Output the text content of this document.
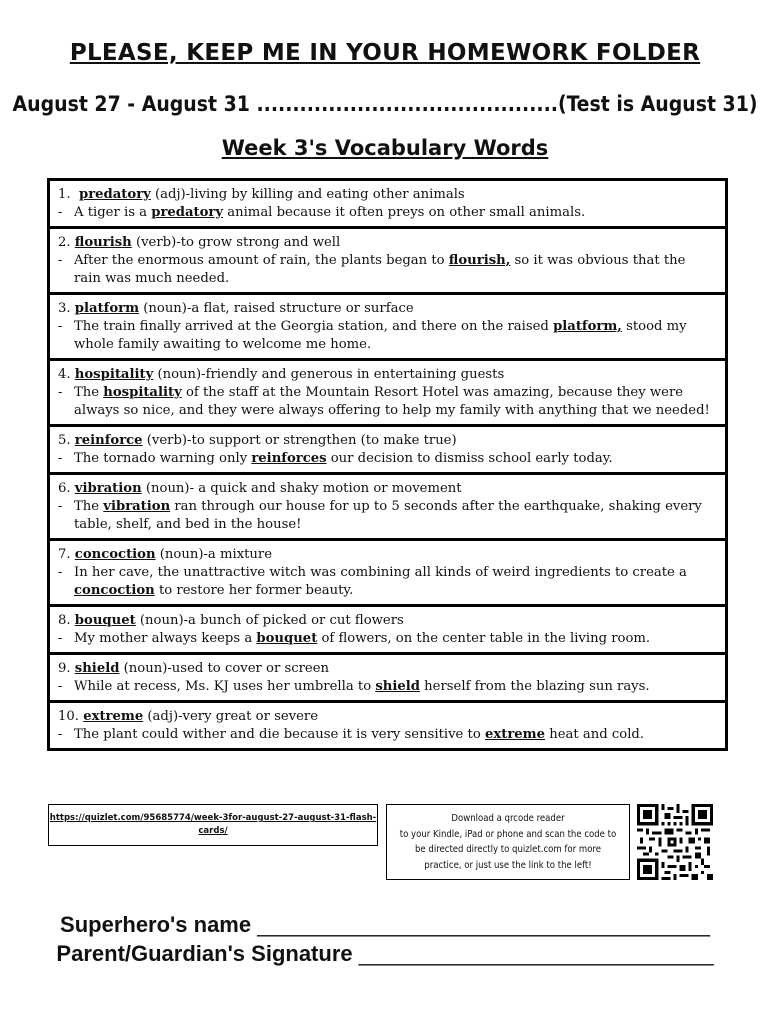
PLEASE, KEEP ME IN YOUR HOMEWORK FOLDER
August 27 - August 31 ..........................................(Test is August 31)
Week 3's Vocabulary Words
1. predatory (adj)-living by killing and eating other animals
- A tiger is a predatory animal because it often preys on other small animals.
2. flourish (verb)-to grow strong and well
- After the enormous amount of rain, the plants began to flourish, so it was obvious that the rain was much needed.
3. platform (noun)-a flat, raised structure or surface
- The train finally arrived at the Georgia station, and there on the raised platform, stood my whole family awaiting to welcome me home.
4. hospitality (noun)-friendly and generous in entertaining guests
- The hospitality of the staff at the Mountain Resort Hotel was amazing, because they were always so nice, and they were always offering to help my family with anything that we needed!
5. reinforce (verb)-to support or strengthen (to make true)
- The tornado warning only reinforces our decision to dismiss school early today.
6. vibration (noun)- a quick and shaky motion or movement
- The vibration ran through our house for up to 5 seconds after the earthquake, shaking every table, shelf, and bed in the house!
7. concoction (noun)-a mixture
- In her cave, the unattractive witch was combining all kinds of weird ingredients to create a concoction to restore her former beauty.
8. bouquet (noun)-a bunch of picked or cut flowers
- My mother always keeps a bouquet of flowers, on the center table in the living room.
9. shield (noun)-used to cover or screen
- While at recess, Ms. KJ uses her umbrella to shield herself from the blazing sun rays.
10. extreme (adj)-very great or severe
- The plant could wither and die because it is very sensitive to extreme heat and cold.
https://quizlet.com/95685774/week-3for-august-27-august-31-flash-cards/
Download a qrcode reader
to your Kindle, iPad or phone and scan the code to
be directed directly to quizlet.com for more
practice, or just use the link to the left!
Superhero's name _____________________________________
Parent/Guardian's Signature _____________________________
